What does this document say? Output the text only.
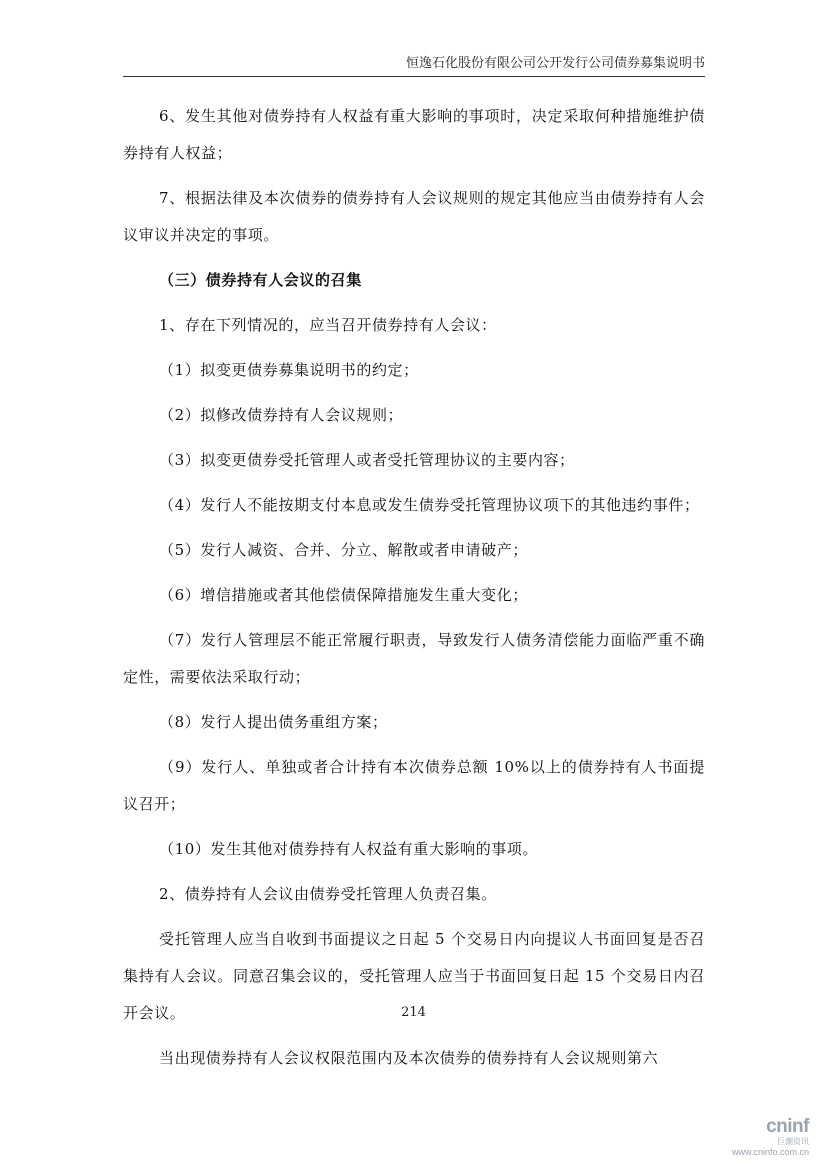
恒逸石化股份有限公司公开发行公司债券募集说明书

6、发生其他对债券持有人权益有重大影响的事项时，决定采取何种措施维护债券持有人权益；

7、根据法律及本次债券的债券持有人会议规则的规定其他应当由债券持有人会议审议并决定的事项。

（三）债券持有人会议的召集

1、存在下列情况的，应当召开债券持有人会议：

（1）拟变更债券募集说明书的约定；

（2）拟修改债券持有人会议规则；

（3）拟变更债券受托管理人或者受托管理协议的主要内容；

（4）发行人不能按期支付本息或发生债券受托管理协议项下的其他违约事件；

（5）发行人减资、合并、分立、解散或者申请破产；

（6）增信措施或者其他偿债保障措施发生重大变化；

（7）发行人管理层不能正常履行职责，导致发行人债务清偿能力面临严重不确定性，需要依法采取行动；

（8）发行人提出债务重组方案；

（9）发行人、单独或者合计持有本次债券总额 10%以上的债券持有人书面提议召开；

（10）发生其他对债券持有人权益有重大影响的事项。

2、债券持有人会议由债券受托管理人负责召集。

受托管理人应当自收到书面提议之日起 5 个交易日内向提议人书面回复是否召集持有人会议。同意召集会议的，受托管理人应当于书面回复日起 15 个交易日内召开会议。

当出现债券持有人会议权限范围内及本次债券的债券持有人会议规则第六

214
cninf
巨潮资讯
www.cninfo.com.cn
